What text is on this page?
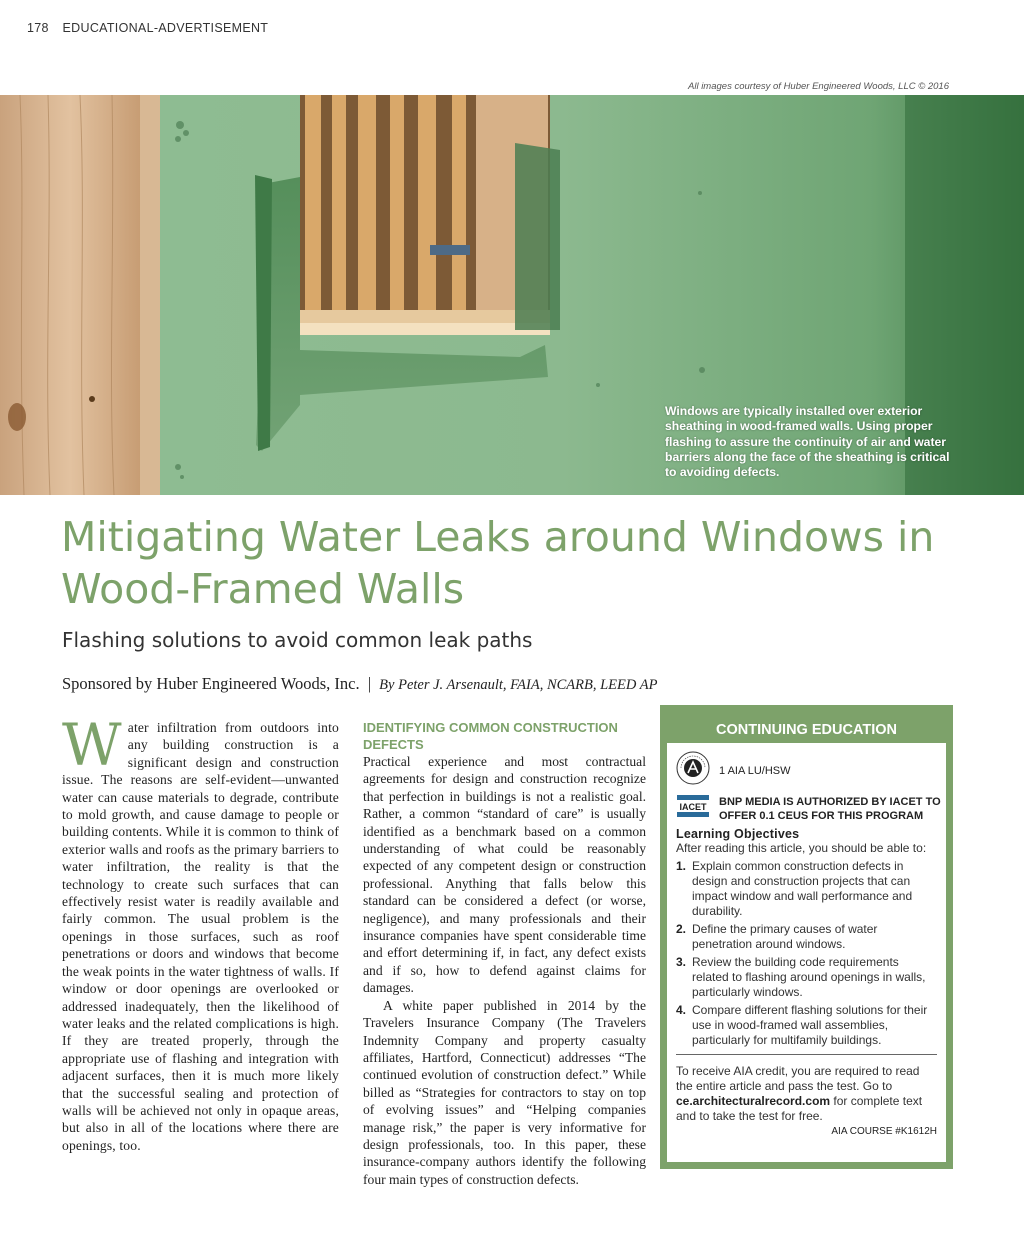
178 EDUCATIONAL-ADVERTISEMENT
All images courtesy of Huber Engineered Woods, LLC © 2016
Windows are typically installed over exterior sheathing in wood-framed walls. Using proper flashing to assure the continuity of air and water barriers along the face of the sheathing is critical to avoiding defects.
Mitigating Water Leaks around Windows in Wood-Framed Walls
Flashing solutions to avoid common leak paths
Sponsored by Huber Engineered Woods, Inc. | By Peter J. Arsenault, FAIA, NCARB, LEED AP
W ater infiltration from outdoors into any building construction is a significant design and construction issue. The reasons are self-evident—unwanted water can cause materials to degrade, contribute to mold growth, and cause damage to people or building contents. While it is common to think of exterior walls and roofs as the primary barriers to water infiltration, the reality is that the technology to create such surfaces that can effectively resist water is readily available and fairly common. The usual problem is the openings in those surfaces, such as roof penetrations or doors and windows that become the weak points in the water tightness of walls. If window or door openings are overlooked or addressed inadequately, then the likelihood of water leaks and the related complications is high. If they are treated properly, through the appropriate use of flashing and integration with adjacent surfaces, then it is much more likely that the successful sealing and protection of walls will be achieved not only in opaque areas, but also in all of the locations where there are openings, too.

IDENTIFYING COMMON CONSTRUCTION DEFECTS

Practical experience and most contractual agreements for design and construction recognize that perfection in buildings is not a realistic goal. Rather, a common “standard of care” is usually identified as a benchmark based on a common understanding of what could be reasonably expected of any competent design or construction professional. Anything that falls below this standard can be considered a defect (or worse, negligence), and many professionals and their insurance companies have spent considerable time and effort determining if, in fact, any defect exists and if so, how to defend against claims for damages.

A white paper published in 2014 by the Travelers Insurance Company (The Travelers Indemnity Company and property casualty affiliates, Hartford, Connecticut) addresses “The continued evolution of construction defect.” While billed as “Strategies for contractors to stay on top of evolving issues” and “Helping companies manage risk,” the paper is very informative for design professionals, too. In this paper, these insurance-company authors identify the following four main types of construction defects.

CONTINUING EDUCATION
1 AIA LU/HSW
IACET BNP MEDIA IS AUTHORIZED BY IACET TO OFFER 0.1 CEUS FOR THIS PROGRAM
Learning Objectives
After reading this article, you should be able to:
1. Explain common construction defects in design and construction projects that can impact window and wall performance and durability.
2. Define the primary causes of water penetration around windows.
3. Review the building code requirements related to flashing around openings in walls, particularly windows.
4. Compare different flashing solutions for their use in wood-framed wall assemblies, particularly for multifamily buildings.
To receive AIA credit, you are required to read the entire article and pass the test. Go to ce.architecturalrecord.com for complete text and to take the test for free.
AIA COURSE #K1612H
